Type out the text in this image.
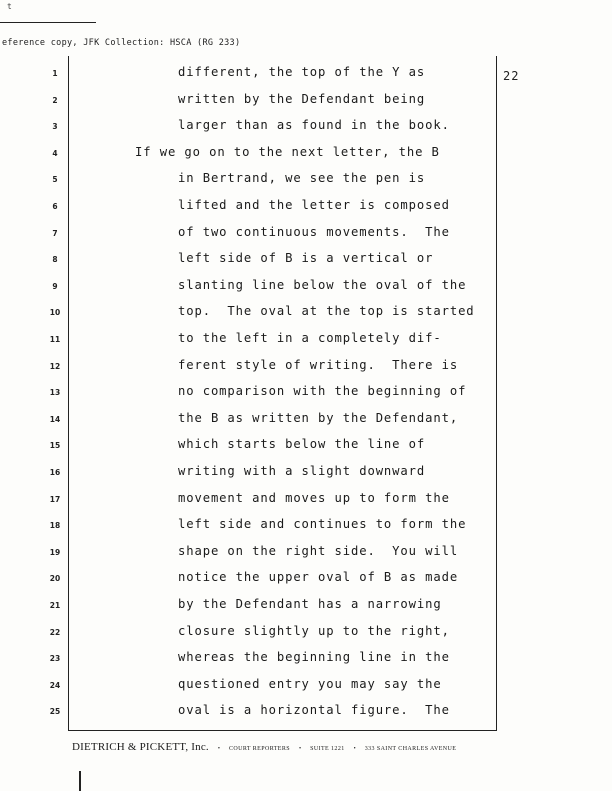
t
eference copy, JFK Collection: HSCA (RG 233)
22
1	different, the top of the Y as
2	written by the Defendant being
3	larger than as found in the book.
4	If we go on to the next letter, the B
5	in Bertrand, we see the pen is
6	lifted and the letter is composed
7	of two continuous movements.  The
8	left side of B is a vertical or
9	slanting line below the oval of the
10	top.  The oval at the top is started
11	to the left in a completely dif-
12	ferent style of writing.  There is
13	no comparison with the beginning of
14	the B as written by the Defendant,
15	which starts below the line of
16	writing with a slight downward
17	movement and moves up to form the
18	left side and continues to form the
19	shape on the right side.  You will
20	notice the upper oval of B as made
21	by the Defendant has a narrowing
22	closure slightly up to the right,
23	whereas the beginning line in the
24	questioned entry you may say the
25	oval is a horizontal figure.  The
DIETRICH & PICKETT, Inc. • COURT REPORTERS • SUITE 1221 • 333 SAINT CHARLES AVENUE
